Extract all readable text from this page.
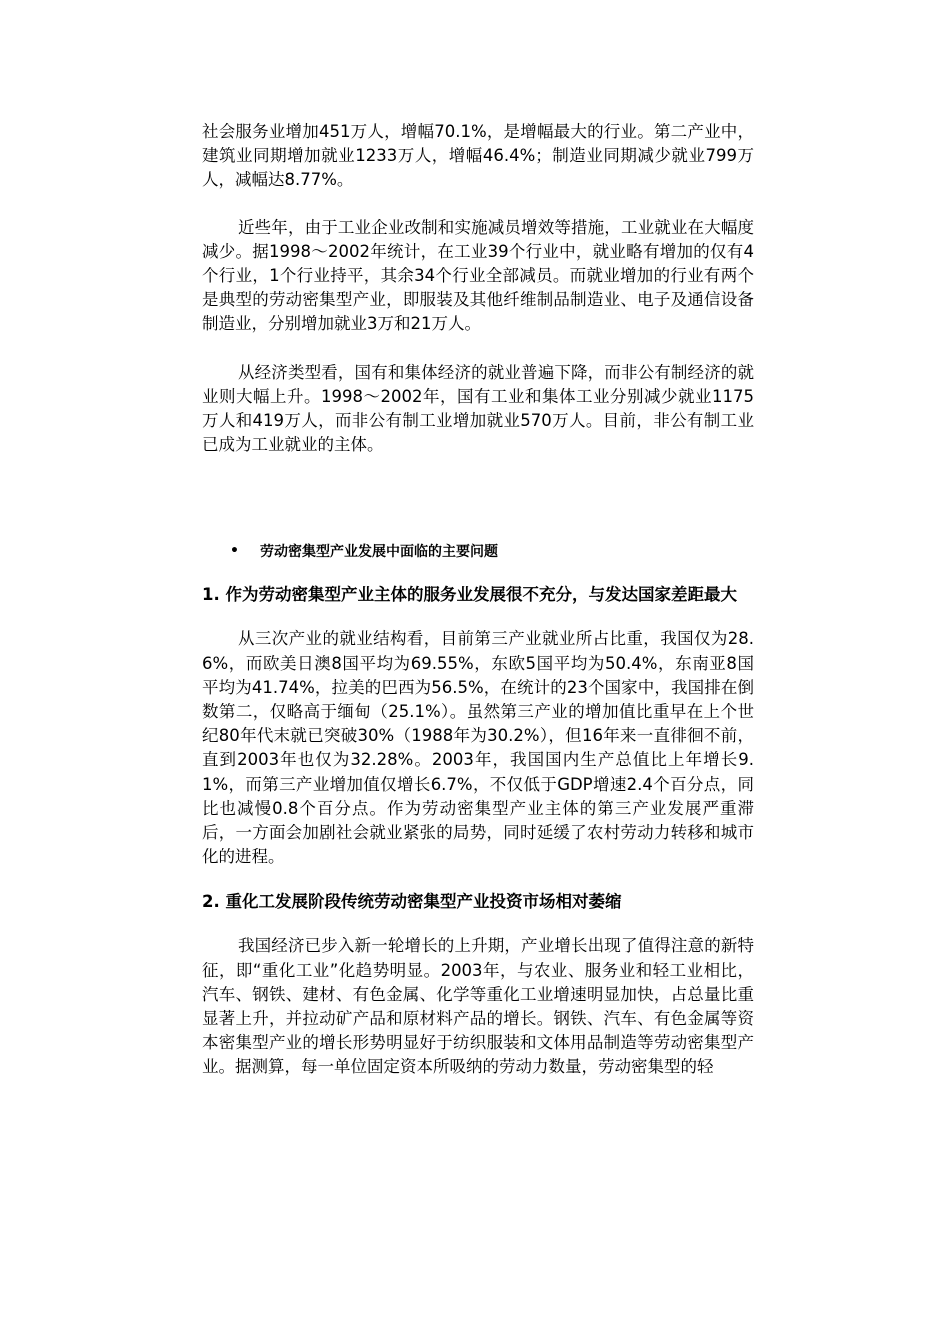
社会服务业增加451万人，增幅70.1%，是增幅最大的行业。第二产业中，建筑业同期增加就业1233万人，增幅46.4%；制造业同期减少就业799万人，减幅达8.77%。

近些年，由于工业企业改制和实施减员增效等措施，工业就业在大幅度减少。据1998～2002年统计，在工业39个行业中，就业略有增加的仅有4个行业，1个行业持平，其余34个行业全部减员。而就业增加的行业有两个是典型的劳动密集型产业，即服装及其他纤维制品制造业、电子及通信设备制造业，分别增加就业3万和21万人。

从经济类型看，国有和集体经济的就业普遍下降，而非公有制经济的就业则大幅上升。1998～2002年，国有工业和集体工业分别减少就业1175万人和419万人，而非公有制工业增加就业570万人。目前，非公有制工业已成为工业就业的主体。

•	劳动密集型产业发展中面临的主要问题
1. 作为劳动密集型产业主体的服务业发展很不充分，与发达国家差距最大

从三次产业的就业结构看，目前第三产业就业所占比重，我国仅为28.6%，而欧美日澳8国平均为69.55%，东欧5国平均为50.4%，东南亚8国平均为41.74%，拉美的巴西为56.5%，在统计的23个国家中，我国排在倒数第二，仅略高于缅甸（25.1%）。虽然第三产业的增加值比重早在上个世纪80年代末就已突破30%（1988年为30.2%），但16年来一直徘徊不前，直到2003年也仅为32.28%。2003年，我国国内生产总值比上年增长9.1%，而第三产业增加值仅增长6.7%，不仅低于GDP增速2.4个百分点，同比也减慢0.8个百分点。作为劳动密集型产业主体的第三产业发展严重滞后，一方面会加剧社会就业紧张的局势，同时延缓了农村劳动力转移和城市化的进程。

2. 重化工发展阶段传统劳动密集型产业投资市场相对萎缩

我国经济已步入新一轮增长的上升期，产业增长出现了值得注意的新特征，即“重化工业”化趋势明显。2003年，与农业、服务业和轻工业相比，汽车、钢铁、建材、有色金属、化学等重化工业增速明显加快，占总量比重显著上升，并拉动矿产品和原材料产品的增长。钢铁、汽车、有色金属等资本密集型产业的增长形势明显好于纺织服装和文体用品制造等劳动密集型产业。据测算，每一单位固定资本所吸纳的劳动力数量，劳动密集型的轻
